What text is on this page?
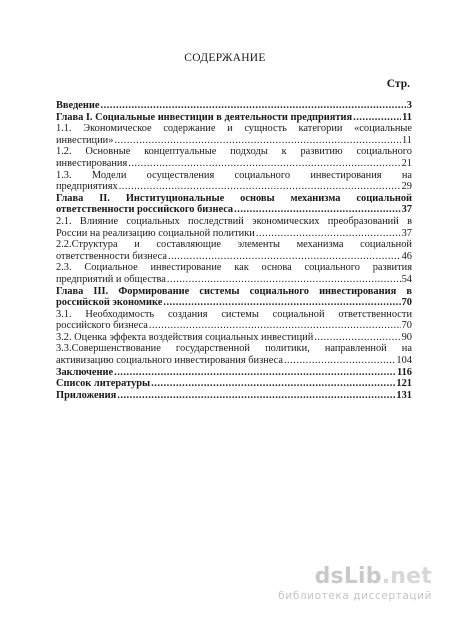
СОДЕРЖАНИЕ
Стр.
Введение .....	3
Глава I. Социальные инвестиции в деятельности предприятия .....	11
1.1. Экономическое содержание и сущность категории «социальные
инвестиции» .....	11
1.2. Основные концептуальные подходы к развитию социального
инвестирования .....	21
1.3. Модели осуществления социального инвестирования на
предприятиях .....	29
Глава II. Институциональные основы механизма социальной
ответственности российского бизнеса .....	37
2.1. Влияние социальных последствий экономических преобразований в
России на реализацию социальной политики .....	37
2.2.Структура и составляющие элементы механизма социальной
ответственности бизнеса .....	46
2.3. Социальное инвестирование как основа социального развития
предприятий и общества .....	54
Глава III. Формирование системы социального инвестирования в
российской экономике .....	70
3.1. Необходимость создания системы социальной ответственности
российского бизнеса .....	70
3.2. Оценка эффекта воздействия социальных инвестиций .....	90
3.3.Совершенствование государственной политики, направленной на
активизацию социального инвестирования бизнеса .....	104
Заключение .....	116
Список литературы .....	121
Приложения .....	131
dsLib.net
библиотека диссертаций
